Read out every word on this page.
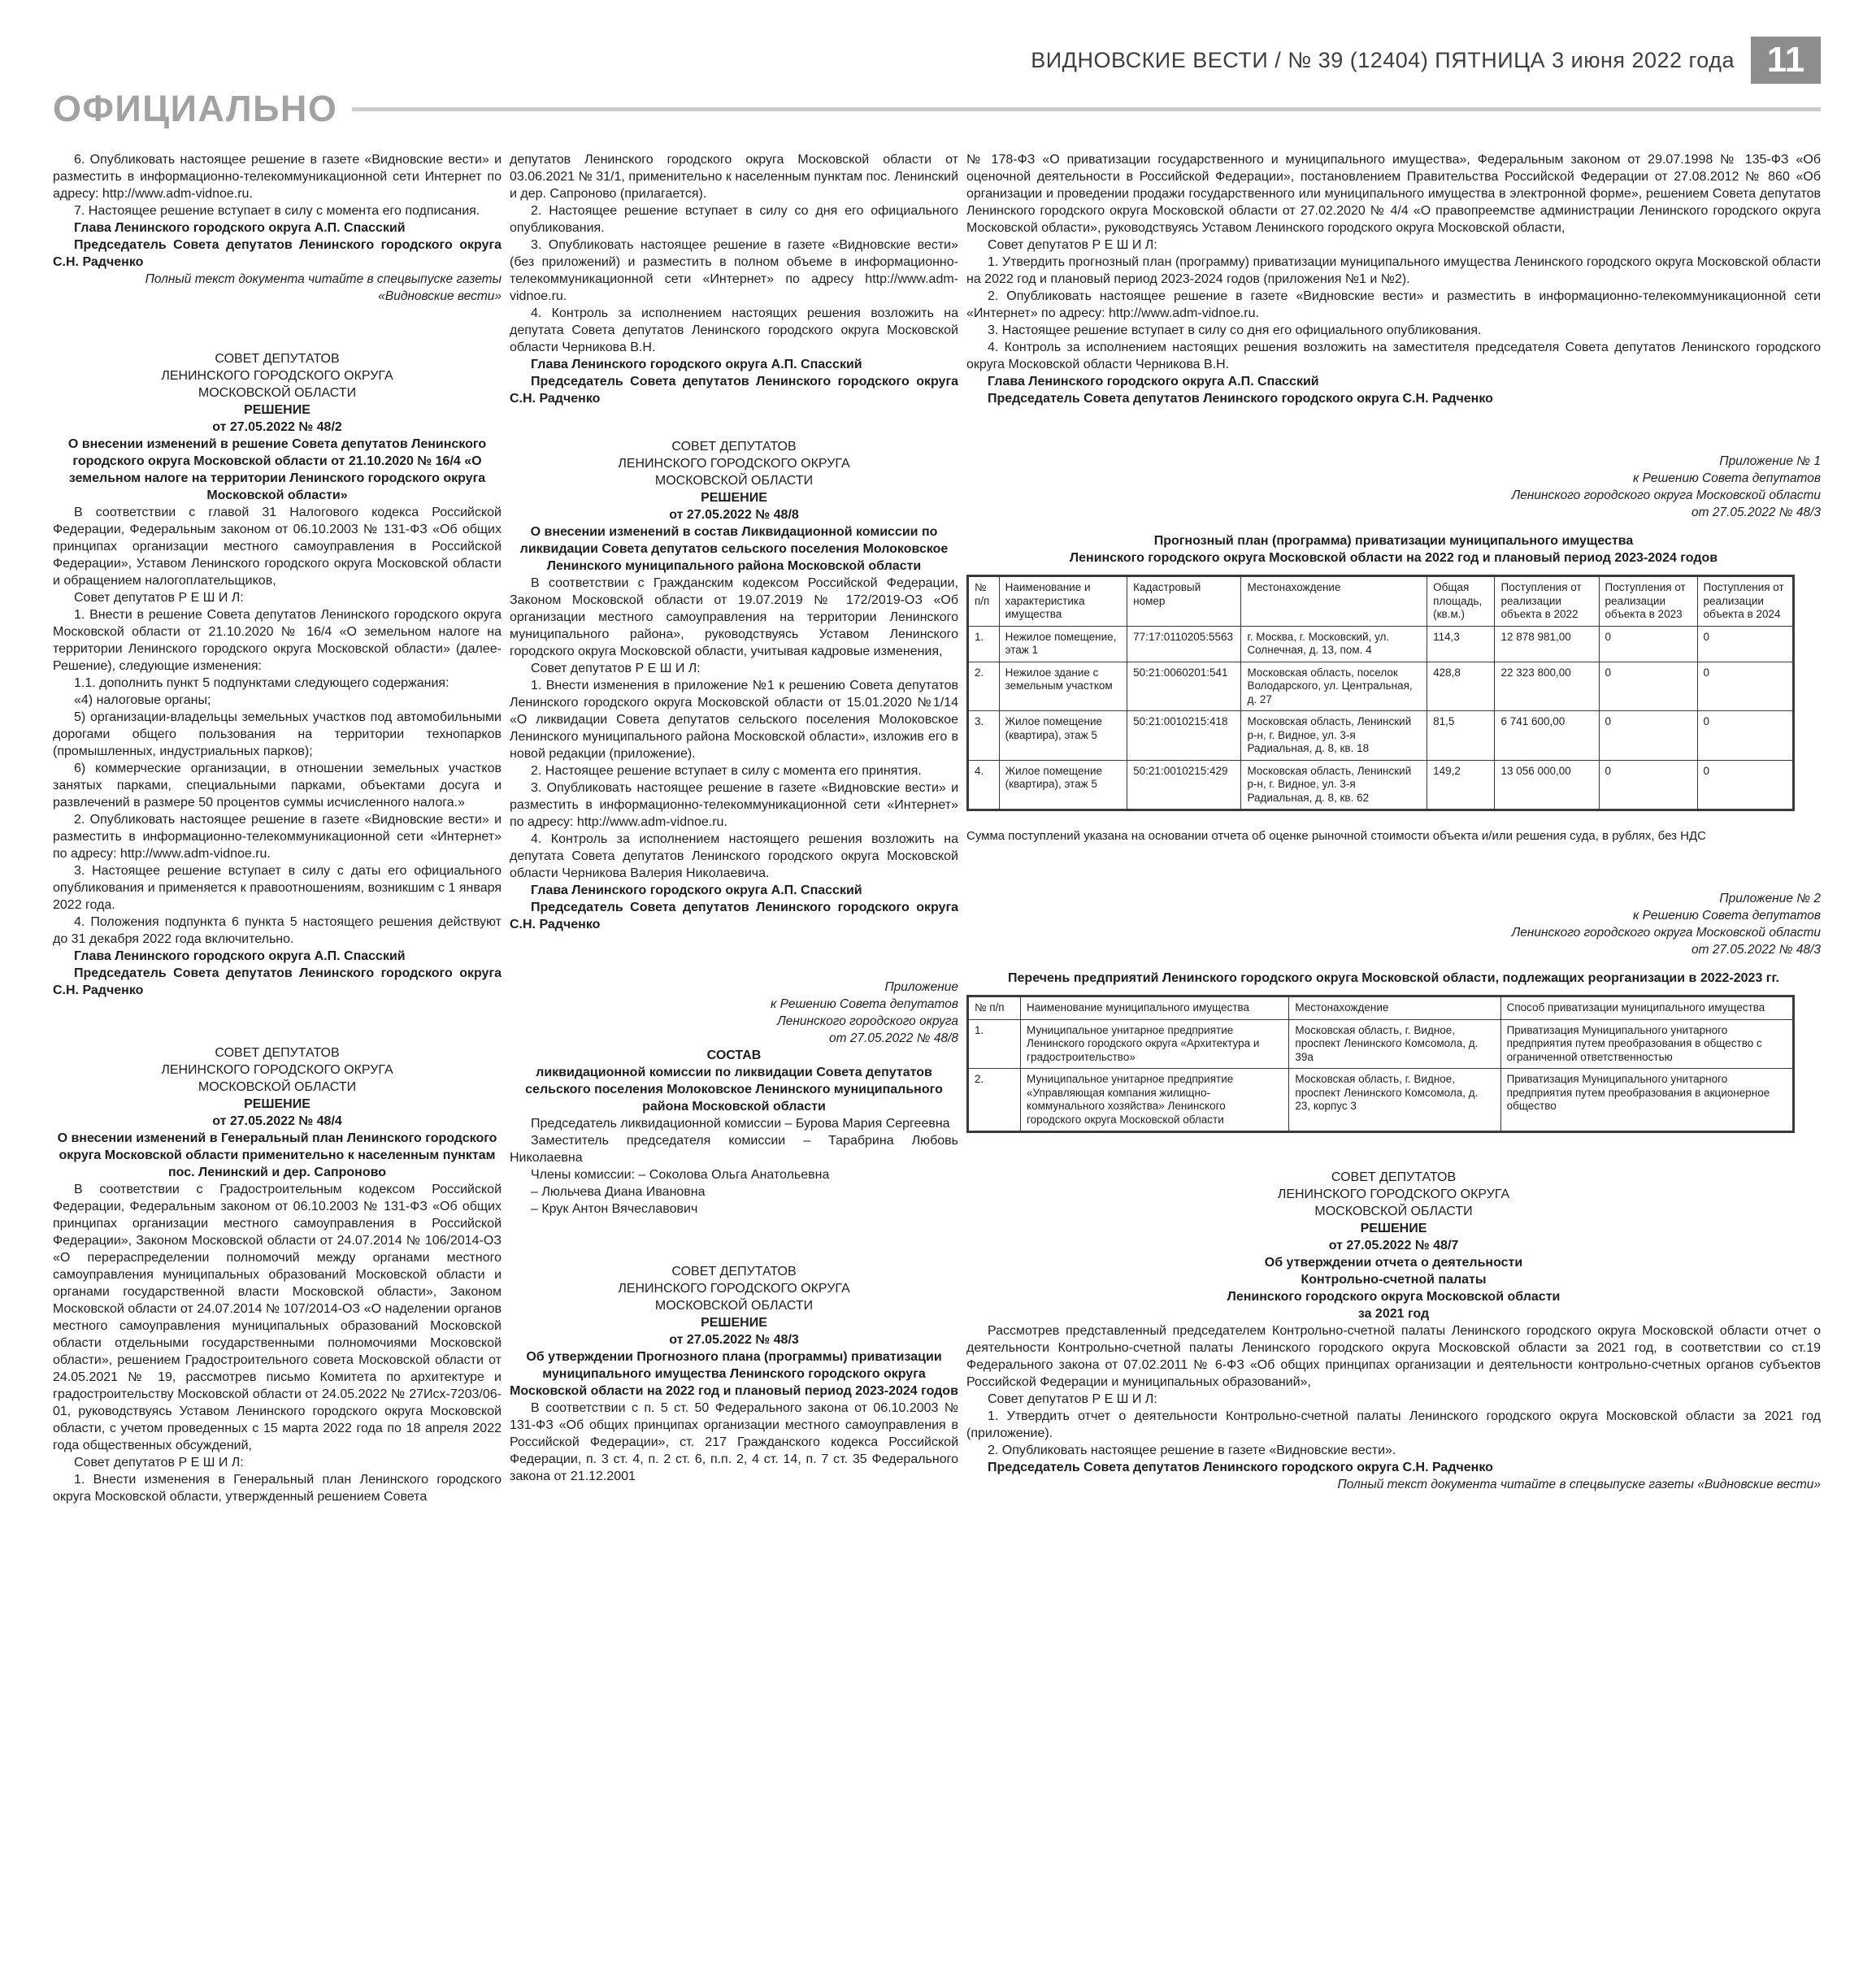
ВИДНОВСКИЕ ВЕСТИ / № 39 (12404) ПЯТНИЦА 3 июня 2022 года 11
ОФИЦИАЛЬНО

6. Опубликовать настоящее решение в газете «Видновские вести» и разместить в информационно-телекоммуникационной сети Интернет по адресу: http://www.adm-vidnoe.ru.

7. Настоящее решение вступает в силу с момента его подписания.

Глава Ленинского городского округа А.П. Спасский

Председатель Совета депутатов Ленинского городского округа С.Н. Радченко

Полный текст документа читайте в спецвыпуске газеты

«Видновские вести»

СОВЕТ ДЕПУТАТОВ

ЛЕНИНСКОГО ГОРОДСКОГО ОКРУГА

МОСКОВСКОЙ ОБЛАСТИ

РЕШЕНИЕ

от 27.05.2022 № 48/2

О внесении изменений в решение Совета депутатов Ленинского городского округа Московской области от 21.10.2020 № 16/4 «О земельном налоге на территории Ленинского городского округа Московской области»

В соответствии с главой 31 Налогового кодекса Российской Федерации, Федеральным законом от 06.10.2003 № 131-ФЗ «Об общих принципах организации местного самоуправления в Российской Федерации», Уставом Ленинского городского округа Московской области и обращением налогоплательщиков,

Совет депутатов Р Е Ш И Л:

1. Внести в решение Совета депутатов Ленинского городского округа Московской области от 21.10.2020 № 16/4 «О земельном налоге на территории Ленинского городского округа Московской области» (далее-Решение), следующие изменения:

1.1. дополнить пункт 5 подпунктами следующего содержания:

«4) налоговые органы;

5) организации-владельцы земельных участков под автомобильными дорогами общего пользования на территории технопарков (промышленных, индустриальных парков);

6) коммерческие организации, в отношении земельных участков занятых парками, специальными парками, объектами досуга и развлечений в размере 50 процентов суммы исчисленного налога.»

2. Опубликовать настоящее решение в газете «Видновские вести» и разместить в информационно-телекоммуникационной сети «Интернет» по адресу: http://www.adm-vidnoe.ru.

3. Настоящее решение вступает в силу с даты его официального опубликования и применяется к правоотношениям, возникшим с 1 января 2022 года.

4. Положения подпункта 6 пункта 5 настоящего решения действуют до 31 декабря 2022 года включительно.

Глава Ленинского городского округа А.П. Спасский

Председатель Совета депутатов Ленинского городского округа С.Н. Радченко

СОВЕТ ДЕПУТАТОВ

ЛЕНИНСКОГО ГОРОДСКОГО ОКРУГА

МОСКОВСКОЙ ОБЛАСТИ

РЕШЕНИЕ

от 27.05.2022 № 48/4

О внесении изменений в Генеральный план Ленинского городского округа Московской области применительно к населенным пунктам пос. Ленинский и дер. Сапроново

В соответствии с Градостроительным кодексом Российской Федерации, Федеральным законом от 06.10.2003 № 131-ФЗ «Об общих принципах организации местного самоуправления в Российской Федерации», Законом Московской области от 24.07.2014 № 106/2014-ОЗ «О перераспределении полномочий между органами местного самоуправления муниципальных образований Московской области и органами государственной власти Московской области», Законом Московской области от 24.07.2014 № 107/2014-ОЗ «О наделении органов местного самоуправления муниципальных образований Московской области отдельными государственными полномочиями Московской области», решением Градостроительного совета Московской области от 24.05.2021 № 19, рассмотрев письмо Комитета по архитектуре и градостроительству Московской области от 24.05.2022 № 27Исх-7203/06-01, руководствуясь Уставом Ленинского городского округа Московской области, с учетом проведенных с 15 марта 2022 года по 18 апреля 2022 года общественных обсуждений,

Совет депутатов Р Е Ш И Л:

1. Внести изменения в Генеральный план Ленинского городского округа Московской области, утвержденный решением Совета

депутатов Ленинского городского округа Московской области от 03.06.2021 № 31/1, применительно к населенным пунктам пос. Ленинский и дер. Сапроново (прилагается).

2. Настоящее решение вступает в силу со дня его официального опубликования.

3. Опубликовать настоящее решение в газете «Видновские вести» (без приложений) и разместить в полном объеме в информационно-телекоммуникационной сети «Интернет» по адресу http://www.adm-vidnoe.ru.

4. Контроль за исполнением настоящих решения возложить на депутата Совета депутатов Ленинского городского округа Московской области Черникова В.Н.

Глава Ленинского городского округа А.П. Спасский

Председатель Совета депутатов Ленинского городского округа С.Н. Радченко

СОВЕТ ДЕПУТАТОВ

ЛЕНИНСКОГО ГОРОДСКОГО ОКРУГА

МОСКОВСКОЙ ОБЛАСТИ

РЕШЕНИЕ

от 27.05.2022 № 48/8

О внесении изменений в состав Ликвидационной комиссии по ликвидации Совета депутатов сельского поселения Молоковское Ленинского муниципального района Московской области

В соответствии с Гражданским кодексом Российской Федерации, Законом Московской области от 19.07.2019 № 172/2019-ОЗ «Об организации местного самоуправления на территории Ленинского муниципального района», руководствуясь Уставом Ленинского городского округа Московской области, учитывая кадровые изменения,

Совет депутатов Р Е Ш И Л:

1. Внести изменения в приложение №1 к решению Совета депутатов Ленинского городского округа Московской области от 15.01.2020 №1/14 «О ликвидации Совета депутатов сельского поселения Молоковское Ленинского муниципального района Московской области», изложив его в новой редакции (приложение).

2. Настоящее решение вступает в силу с момента его принятия.

3. Опубликовать настоящее решение в газете «Видновские вести» и разместить в информационно-телекоммуникационной сети «Интернет» по адресу: http://www.adm-vidnoe.ru.

4. Контроль за исполнением настоящего решения возложить на депутата Совета депутатов Ленинского городского округа Московской области Черникова Валерия Николаевича.

Глава Ленинского городского округа А.П. Спасский

Председатель Совета депутатов Ленинского городского округа С.Н. Радченко

Приложение

к Решению Совета депутатов

Ленинского городского округа

от 27.05.2022 № 48/8

СОСТАВ

ликвидационной комиссии по ликвидации Совета депутатов сельского поселения Молоковское Ленинского муниципального района Московской области

Председатель ликвидационной комиссии – Бурова Мария Сергеевна

Заместитель председателя комиссии – Тарабрина Любовь Николаевна

Члены комиссии: – Соколова Ольга Анатольевна

– Люльчева Диана Ивановна

– Крук Антон Вячеславович

СОВЕТ ДЕПУТАТОВ

ЛЕНИНСКОГО ГОРОДСКОГО ОКРУГА

МОСКОВСКОЙ ОБЛАСТИ

РЕШЕНИЕ

от 27.05.2022 № 48/3

Об утверждении Прогнозного плана (программы) приватизации муниципального имущества Ленинского городского округа Московской области на 2022 год и плановый период 2023-2024 годов

В соответствии с п. 5 ст. 50 Федерального закона от 06.10.2003 № 131-ФЗ «Об общих принципах организации местного самоуправления в Российской Федерации», ст. 217 Гражданского кодекса Российской Федерации, п. 3 ст. 4, п. 2 ст. 6, п.п. 2, 4 ст. 14, п. 7 ст. 35 Федерального закона от 21.12.2001

№ 178-ФЗ «О приватизации государственного и муниципального имущества», Федеральным законом от 29.07.1998 № 135-ФЗ «Об оценочной деятельности в Российской Федерации», постановлением Правительства Российской Федерации от 27.08.2012 № 860 «Об организации и проведении продажи государственного или муниципального имущества в электронной форме», решением Совета депутатов Ленинского городского округа Московской области от 27.02.2020 № 4/4 «О правопреемстве администрации Ленинского городского округа Московской области», руководствуясь Уставом Ленинского городского округа Московской области,

Совет депутатов Р Е Ш И Л:

1. Утвердить прогнозный план (программу) приватизации муниципального имущества Ленинского городского округа Московской области на 2022 год и плановый период 2023-2024 годов (приложения №1 и №2).

2. Опубликовать настоящее решение в газете «Видновские вести» и разместить в информационно-телекоммуникационной сети «Интернет» по адресу: http://www.adm-vidnoe.ru.

3. Настоящее решение вступает в силу со дня его официального опубликования.

4. Контроль за исполнением настоящих решения возложить на заместителя председателя Совета депутатов Ленинского городского округа Московской области Черникова В.Н.

Глава Ленинского городского округа А.П. Спасский

Председатель Совета депутатов Ленинского городского округа С.Н. Радченко

Приложение № 1

к Решению Совета депутатов

Ленинского городского округа Московской области

от 27.05.2022 № 48/3

Прогнозный план (программа) приватизации муниципального имущества

Ленинского городского округа Московской области на 2022 год и плановый период 2023-2024 годов

№ п/п	Наименование и характеристика имущества	Кадастровый номер	Местонахождение	Общая площадь, (кв.м.)	Поступления от реализации объекта в 2022	Поступления от реализации объекта в 2023	Поступления от реализации объекта в 2024
1.	Нежилое помещение, этаж 1	77:17:0110205:5563	г. Москва, г. Московский, ул. Солнечная, д. 13, пом. 4	114,3	12 878 981,00	0	0
2.	Нежилое здание с земельным участком	50:21:0060201:541	Московская область, поселок Володарского, ул. Центральная, д. 27	428,8	22 323 800,00	0	0
3.	Жилое помещение (квартира), этаж 5	50:21:0010215:418	Московская область, Ленинский р-н, г. Видное, ул. 3-я Радиальная, д. 8, кв. 18	81,5	6 741 600,00	0	0
4.	Жилое помещение (квартира), этаж 5	50:21:0010215:429	Московская область, Ленинский р-н, г. Видное, ул. 3-я Радиальная, д. 8, кв. 62	149,2	13 056 000,00	0	0

Сумма поступлений указана на основании отчета об оценке рыночной стоимости объекта и/или решения суда, в рублях, без НДС

Приложение № 2

к Решению Совета депутатов

Ленинского городского округа Московской области

от 27.05.2022 № 48/3

Перечень предприятий Ленинского городского округа Московской области, подлежащих реорганизации в 2022-2023 гг.

№ п/п	Наименование муниципального имущества	Местонахождение	Способ приватизации муниципального имущества
1.	Муниципальное унитарное предприятие Ленинского городского округа «Архитектура и градостроительство»	Московская область, г. Видное, проспект Ленинского Комсомола, д. 39а	Приватизация Муниципального унитарного предприятия путем преобразования в общество с ограниченной ответственностью
2.	Муниципальное унитарное предприятие «Управляющая компания жилищно-коммунального хозяйства» Ленинского городского округа Московской области	Московская область, г. Видное, проспект Ленинского Комсомола, д. 23, корпус 3	Приватизация Муниципального унитарного предприятия путем преобразования в акционерное общество

СОВЕТ ДЕПУТАТОВ

ЛЕНИНСКОГО ГОРОДСКОГО ОКРУГА

МОСКОВСКОЙ ОБЛАСТИ

РЕШЕНИЕ

от 27.05.2022 № 48/7

Об утверждении отчета о деятельности

Контрольно-счетной палаты

Ленинского городского округа Московской области

за 2021 год

Рассмотрев представленный председателем Контрольно-счетной палаты Ленинского городского округа Московской области отчет о деятельности Контрольно-счетной палаты Ленинского городского округа Московской области за 2021 год, в соответствии со ст.19 Федерального закона от 07.02.2011 № 6-ФЗ «Об общих принципах организации и деятельности контрольно-счетных органов субъектов Российской Федерации и муниципальных образований»,

Совет депутатов Р Е Ш И Л:

1. Утвердить отчет о деятельности Контрольно-счетной палаты Ленинского городского округа Московской области за 2021 год (приложение).

2. Опубликовать настоящее решение в газете «Видновские вести».

Председатель Совета депутатов Ленинского городского округа С.Н. Радченко

Полный текст документа читайте в спецвыпуске газеты «Видновские вести»
